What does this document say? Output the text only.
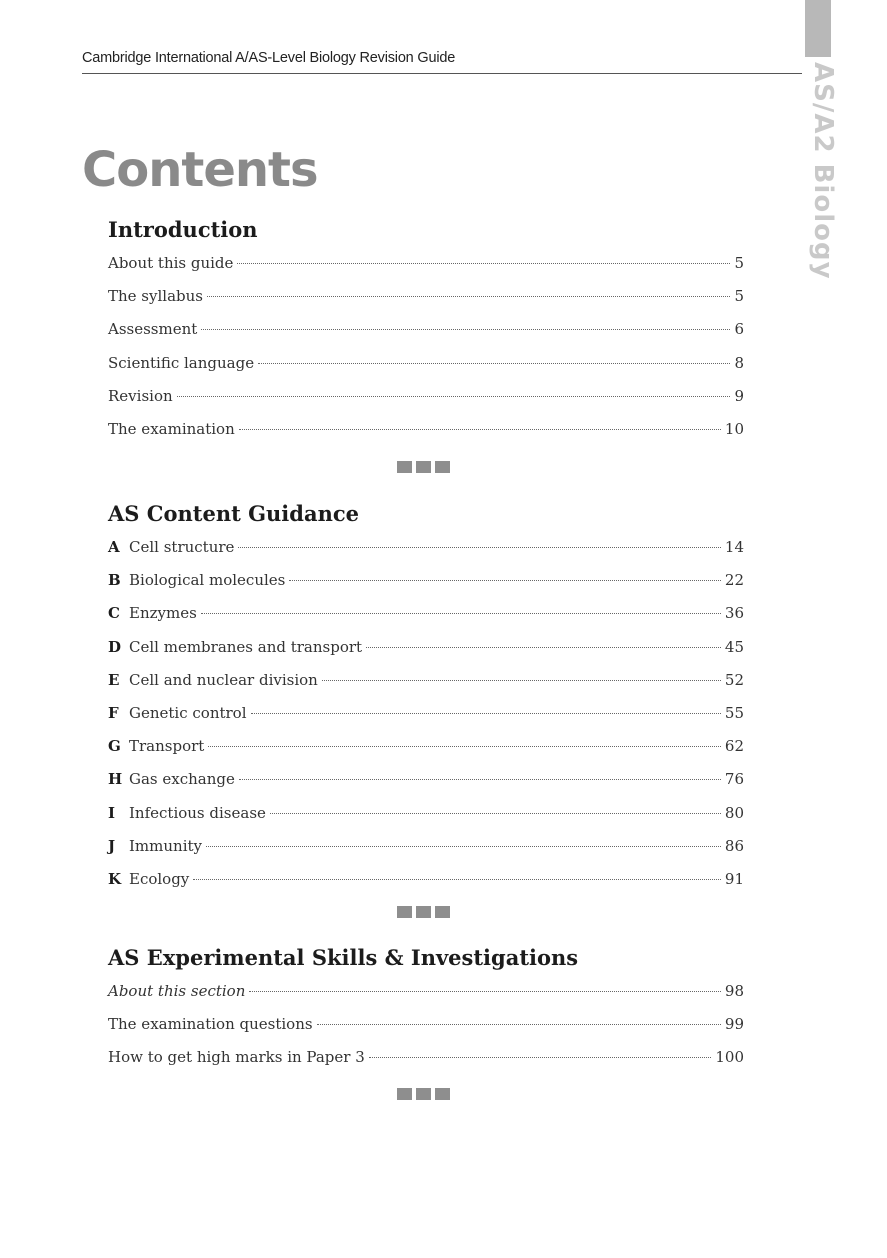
Cambridge International A/AS-Level Biology Revision Guide
AS/A2 Biology
Contents
Introduction
About this guide	5
The syllabus	5
Assessment	6
Scientific language	8
Revision	9
The examination	10
AS Content Guidance
A Cell structure	14
B Biological molecules	22
C Enzymes	36
D Cell membranes and transport	45
E Cell and nuclear division	52
F Genetic control	55
G Transport	62
H Gas exchange	76
I Infectious disease	80
J Immunity	86
K Ecology	91
AS Experimental Skills & Investigations
About this section	98
The examination questions	99
How to get high marks in Paper 3	100
